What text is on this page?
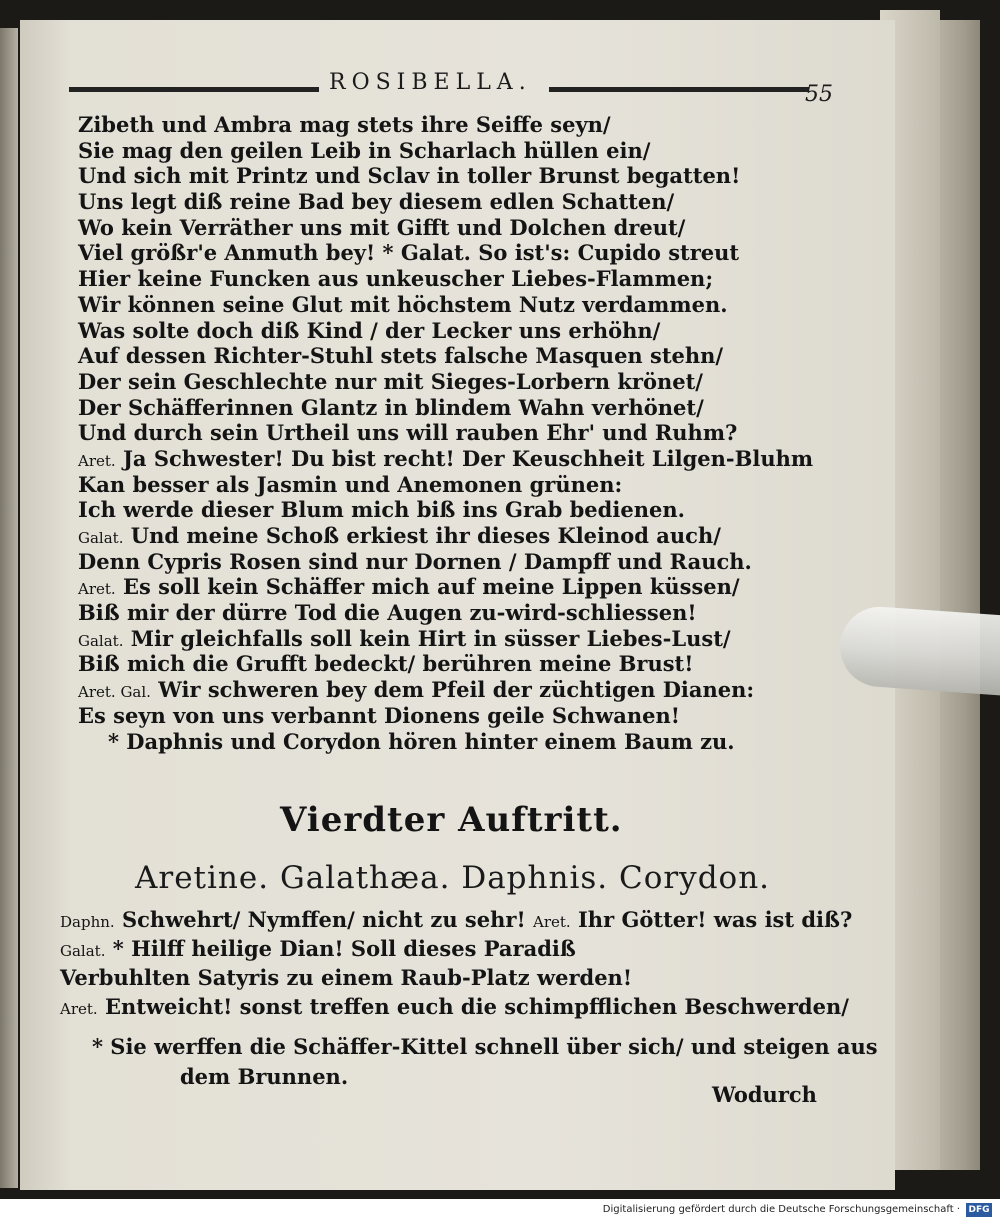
ROSIBELLA.	55
Zibeth und Ambra mag stets ihre Seiffe seyn/
Sie mag den geilen Leib in Scharlach hüllen ein/
Und sich mit Printz und Sclav in toller Brunst begatten!
Uns legt diß reine Bad bey diesem edlen Schatten/
Wo kein Verräther uns mit Gifft und Dolchen dreut/
Viel größr'e Anmuth bey! * Galat. So ist's: Cupido streut
Hier keine Funcken aus unkeuscher Liebes-Flammen;
Wir können seine Glut mit höchstem Nutz verdammen.
Was solte doch diß Kind / der Lecker uns erhöhn/
Auf dessen Richter-Stuhl stets falsche Masquen stehn/
Der sein Geschlechte nur mit Sieges-Lorbern krönet/
Der Schäfferinnen Glantz in blindem Wahn verhönet/
Und durch sein Urtheil uns will rauben Ehr' und Ruhm?
Aret. Ja Schwester! Du bist recht! Der Keuschheit Lilgen-Bluhm
Kan besser als Jasmin und Anemonen grünen:
Ich werde dieser Blum mich biß ins Grab bedienen.
Galat. Und meine Schoß erkiest ihr dieses Kleinod auch/
Denn Cypris Rosen sind nur Dornen / Dampff und Rauch.
Aret. Es soll kein Schäffer mich auf meine Lippen küssen/
Biß mir der dürre Tod die Augen zu-wird-schliessen!
Galat. Mir gleichfalls soll kein Hirt in süsser Liebes-Lust/
Biß mich die Grufft bedeckt/ berühren meine Brust!
Aret. Gal. Wir schweren bey dem Pfeil der züchtigen Dianen:
Es seyn von uns verbannt Dionens geile Schwanen!
* Daphnis und Corydon hören hinter einem Baum zu.
Vierdter Auftritt.
Aretine. Galathæa. Daphnis. Corydon.
Daphn. Schwehrt/ Nymffen/ nicht zu sehr! Aret. Ihr Götter! was ist diß?
Galat. * Hilff heilige Dian! Soll dieses Paradiß
Verbuhlten Satyris zu einem Raub-Platz werden!
Aret. Entweicht! sonst treffen euch die schimpfflichen Beschwerden/
* Sie werffen die Schäffer-Kittel schnell über sich/ und steigen aus
dem Brunnen.
Wodurch
Digitalisierung gefördert durch die Deutsche Forschungsgemeinschaft · DFG
